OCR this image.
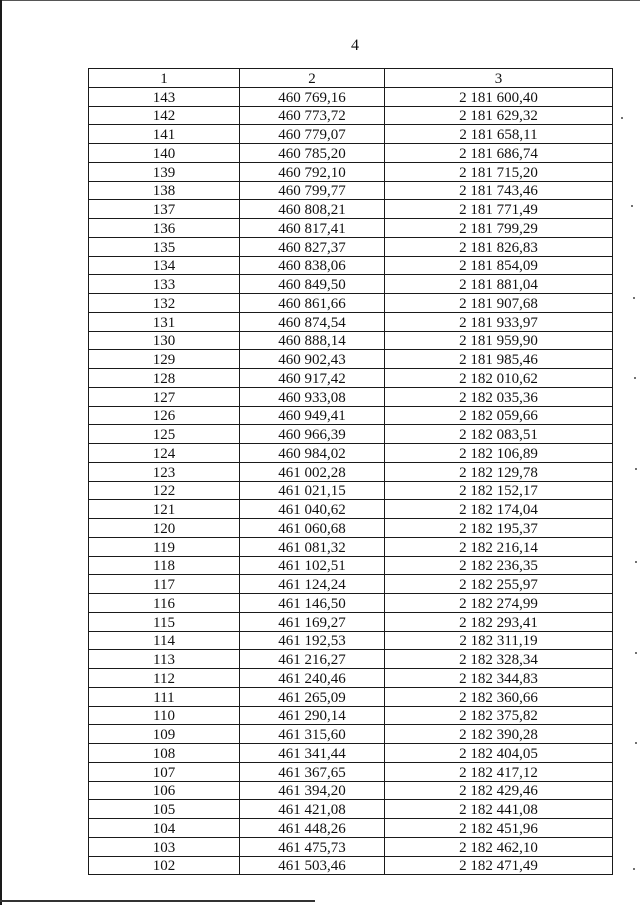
4
1	2	3
143	460 769,16	2 181 600,40
142	460 773,72	2 181 629,32
141	460 779,07	2 181 658,11
140	460 785,20	2 181 686,74
139	460 792,10	2 181 715,20
138	460 799,77	2 181 743,46
137	460 808,21	2 181 771,49
136	460 817,41	2 181 799,29
135	460 827,37	2 181 826,83
134	460 838,06	2 181 854,09
133	460 849,50	2 181 881,04
132	460 861,66	2 181 907,68
131	460 874,54	2 181 933,97
130	460 888,14	2 181 959,90
129	460 902,43	2 181 985,46
128	460 917,42	2 182 010,62
127	460 933,08	2 182 035,36
126	460 949,41	2 182 059,66
125	460 966,39	2 182 083,51
124	460 984,02	2 182 106,89
123	461 002,28	2 182 129,78
122	461 021,15	2 182 152,17
121	461 040,62	2 182 174,04
120	461 060,68	2 182 195,37
119	461 081,32	2 182 216,14
118	461 102,51	2 182 236,35
117	461 124,24	2 182 255,97
116	461 146,50	2 182 274,99
115	461 169,27	2 182 293,41
114	461 192,53	2 182 311,19
113	461 216,27	2 182 328,34
112	461 240,46	2 182 344,83
111	461 265,09	2 182 360,66
110	461 290,14	2 182 375,82
109	461 315,60	2 182 390,28
108	461 341,44	2 182 404,05
107	461 367,65	2 182 417,12
106	461 394,20	2 182 429,46
105	461 421,08	2 182 441,08
104	461 448,26	2 182 451,96
103	461 475,73	2 182 462,10
102	461 503,46	2 182 471,49
